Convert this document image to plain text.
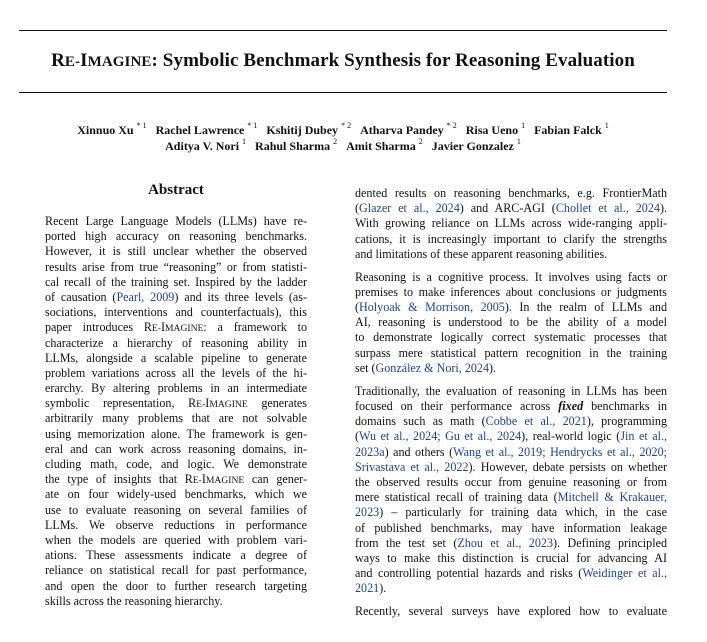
RE-IMAGINE: Symbolic Benchmark Synthesis for Reasoning Evaluation
Xinnuo Xu $^{* 1}$ Rachel Lawrence $^{* 1}$ Kshitij Dubey $^{* 2}$ Atharva Pandey $^{* 2}$ Risa Ueno $^1$ Fabian Falck $^1$
Aditya V. Nori $^1$ Rahul Sharma $^2$ Amit Sharma $^2$ Javier Gonzalez $^1$
Abstract
Recent Large Language Models (LLMs) have re-
ported high accuracy on reasoning benchmarks.
However, it is still unclear whether the observed
results arise from true “reasoning” or from statisti-
cal recall of the training set. Inspired by the ladder
of causation (Pearl, 2009) and its three levels (as-
sociations, interventions and counterfactuals), this
paper introduces RE-IMAGINE: a framework to
characterize a hierarchy of reasoning ability in
LLMs, alongside a scalable pipeline to generate
problem variations across all the levels of the hi-
erarchy. By altering problems in an intermediate
symbolic representation, RE-IMAGINE generates
arbitrarily many problems that are not solvable
using memorization alone. The framework is gen-
eral and can work across reasoning domains, in-
cluding math, code, and logic. We demonstrate
the type of insights that RE-IMAGINE can gener-
ate on four widely-used benchmarks, which we
use to evaluate reasoning on several families of
LLMs. We observe reductions in performance
when the models are queried with problem vari-
ations. These assessments indicate a degree of
reliance on statistical recall for past performance,
and open the door to further research targeting
skills across the reasoning hierarchy.
dented results on reasoning benchmarks, e.g. FrontierMath
(Glazer et al., 2024) and ARC-AGI (Chollet et al., 2024).
With growing reliance on LLMs across wide-ranging appli-
cations, it is increasingly important to clarify the strengths
and limitations of these apparent reasoning abilities.
Reasoning is a cognitive process. It involves using facts or
premises to make inferences about conclusions or judgments
(Holyoak & Morrison, 2005). In the realm of LLMs and
AI, reasoning is understood to be the ability of a model
to demonstrate logically correct systematic processes that
surpass mere statistical pattern recognition in the training
set (González & Nori, 2024).
Traditionally, the evaluation of reasoning in LLMs has been
focused on their performance across fixed benchmarks in
domains such as math (Cobbe et al., 2021), programming
(Wu et al., 2024; Gu et al., 2024), real-world logic (Jin et al.,
2023a) and others (Wang et al., 2019; Hendrycks et al., 2020;
Srivastava et al., 2022). However, debate persists on whether
the observed results occur from genuine reasoning or from
mere statistical recall of training data (Mitchell & Krakauer,
2023) – particularly for training data which, in the case
of published benchmarks, may have information leakage
from the test set (Zhou et al., 2023). Defining principled
ways to make this distinction is crucial for advancing AI
and controlling potential hazards and risks (Weidinger et al.,
2021).
Recently, several surveys have explored how to evaluate
